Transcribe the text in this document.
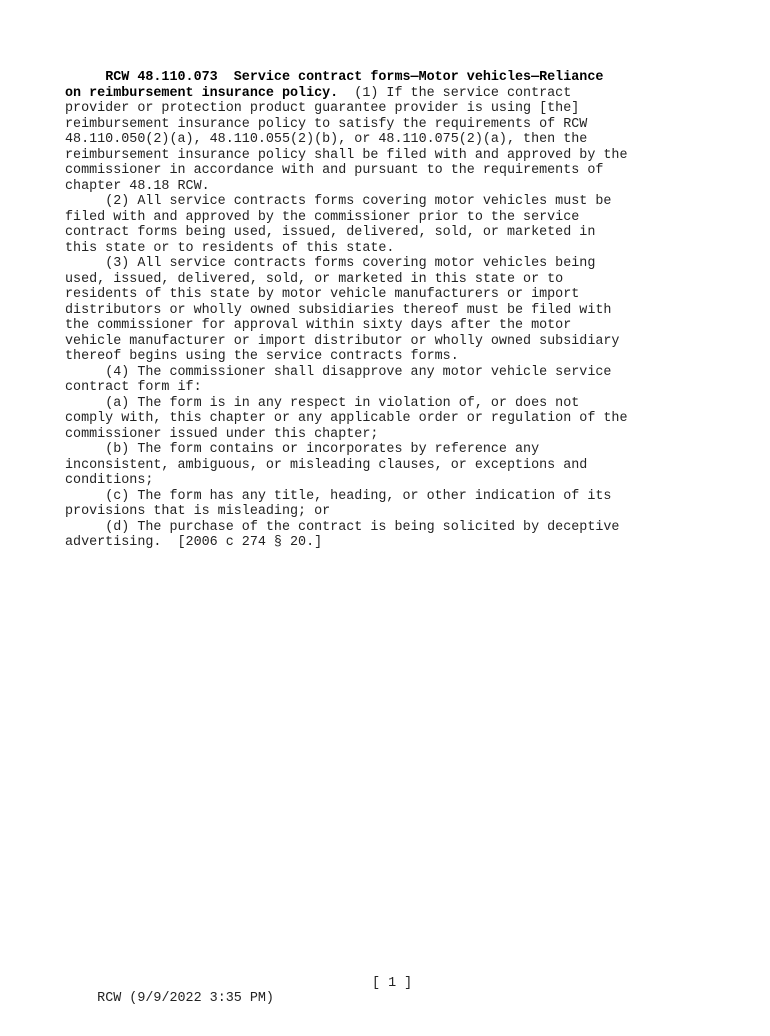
RCW 48.110.073  Service contract forms—Motor vehicles—Reliance
on reimbursement insurance policy.  (1) If the service contract
provider or protection product guarantee provider is using [the]
reimbursement insurance policy to satisfy the requirements of RCW
48.110.050(2)(a), 48.110.055(2)(b), or 48.110.075(2)(a), then the
reimbursement insurance policy shall be filed with and approved by the
commissioner in accordance with and pursuant to the requirements of
chapter 48.18 RCW.
(2) All service contracts forms covering motor vehicles must be
filed with and approved by the commissioner prior to the service
contract forms being used, issued, delivered, sold, or marketed in
this state or to residents of this state.
(3) All service contracts forms covering motor vehicles being
used, issued, delivered, sold, or marketed in this state or to
residents of this state by motor vehicle manufacturers or import
distributors or wholly owned subsidiaries thereof must be filed with
the commissioner for approval within sixty days after the motor
vehicle manufacturer or import distributor or wholly owned subsidiary
thereof begins using the service contracts forms.
(4) The commissioner shall disapprove any motor vehicle service
contract form if:
(a) The form is in any respect in violation of, or does not
comply with, this chapter or any applicable order or regulation of the
commissioner issued under this chapter;
(b) The form contains or incorporates by reference any
inconsistent, ambiguous, or misleading clauses, or exceptions and
conditions;
(c) The form has any title, heading, or other indication of its
provisions that is misleading; or
(d) The purchase of the contract is being solicited by deceptive
advertising.  [2006 c 274 § 20.]

RCW (9/9/2022 3:35 PM)

[ 1 ]
